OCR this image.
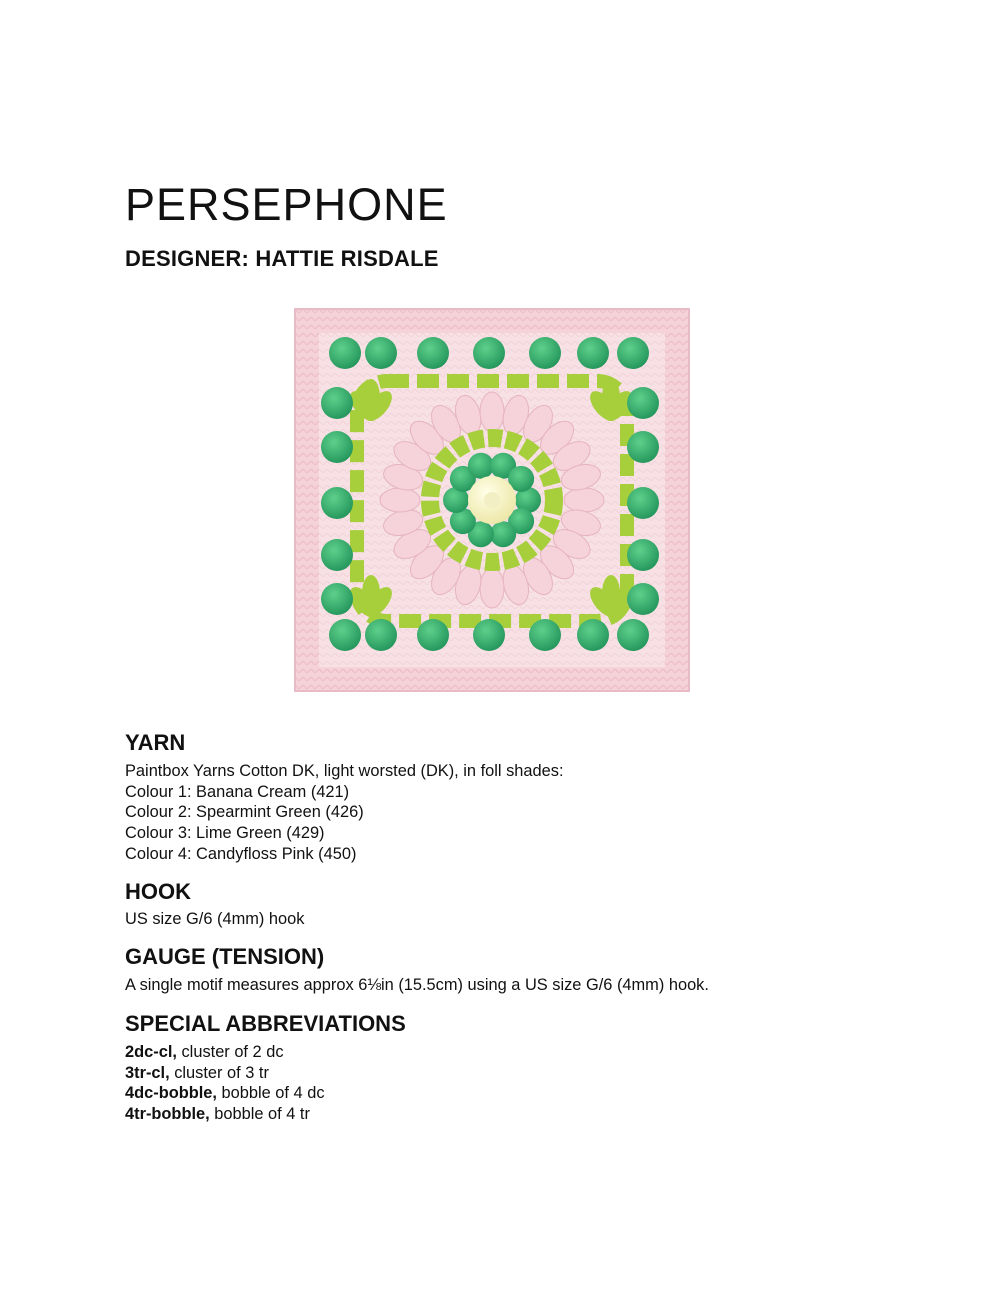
PERSEPHONE
DESIGNER: HATTIE RISDALE
YARN
Paintbox Yarns Cotton DK, light worsted (DK), in foll shades:
Colour 1: Banana Cream (421)
Colour 2: Spearmint Green (426)
Colour 3: Lime Green (429)
Colour 4: Candyfloss Pink (450)
HOOK
US size G/6 (4mm) hook
GAUGE (TENSION)
A single motif measures approx 6⅛in (15.5cm) using a US size G/6 (4mm) hook.
SPECIAL ABBREVIATIONS
2dc-cl, cluster of 2 dc
3tr-cl, cluster of 3 tr
4dc-bobble, bobble of 4 dc
4tr-bobble, bobble of 4 tr
